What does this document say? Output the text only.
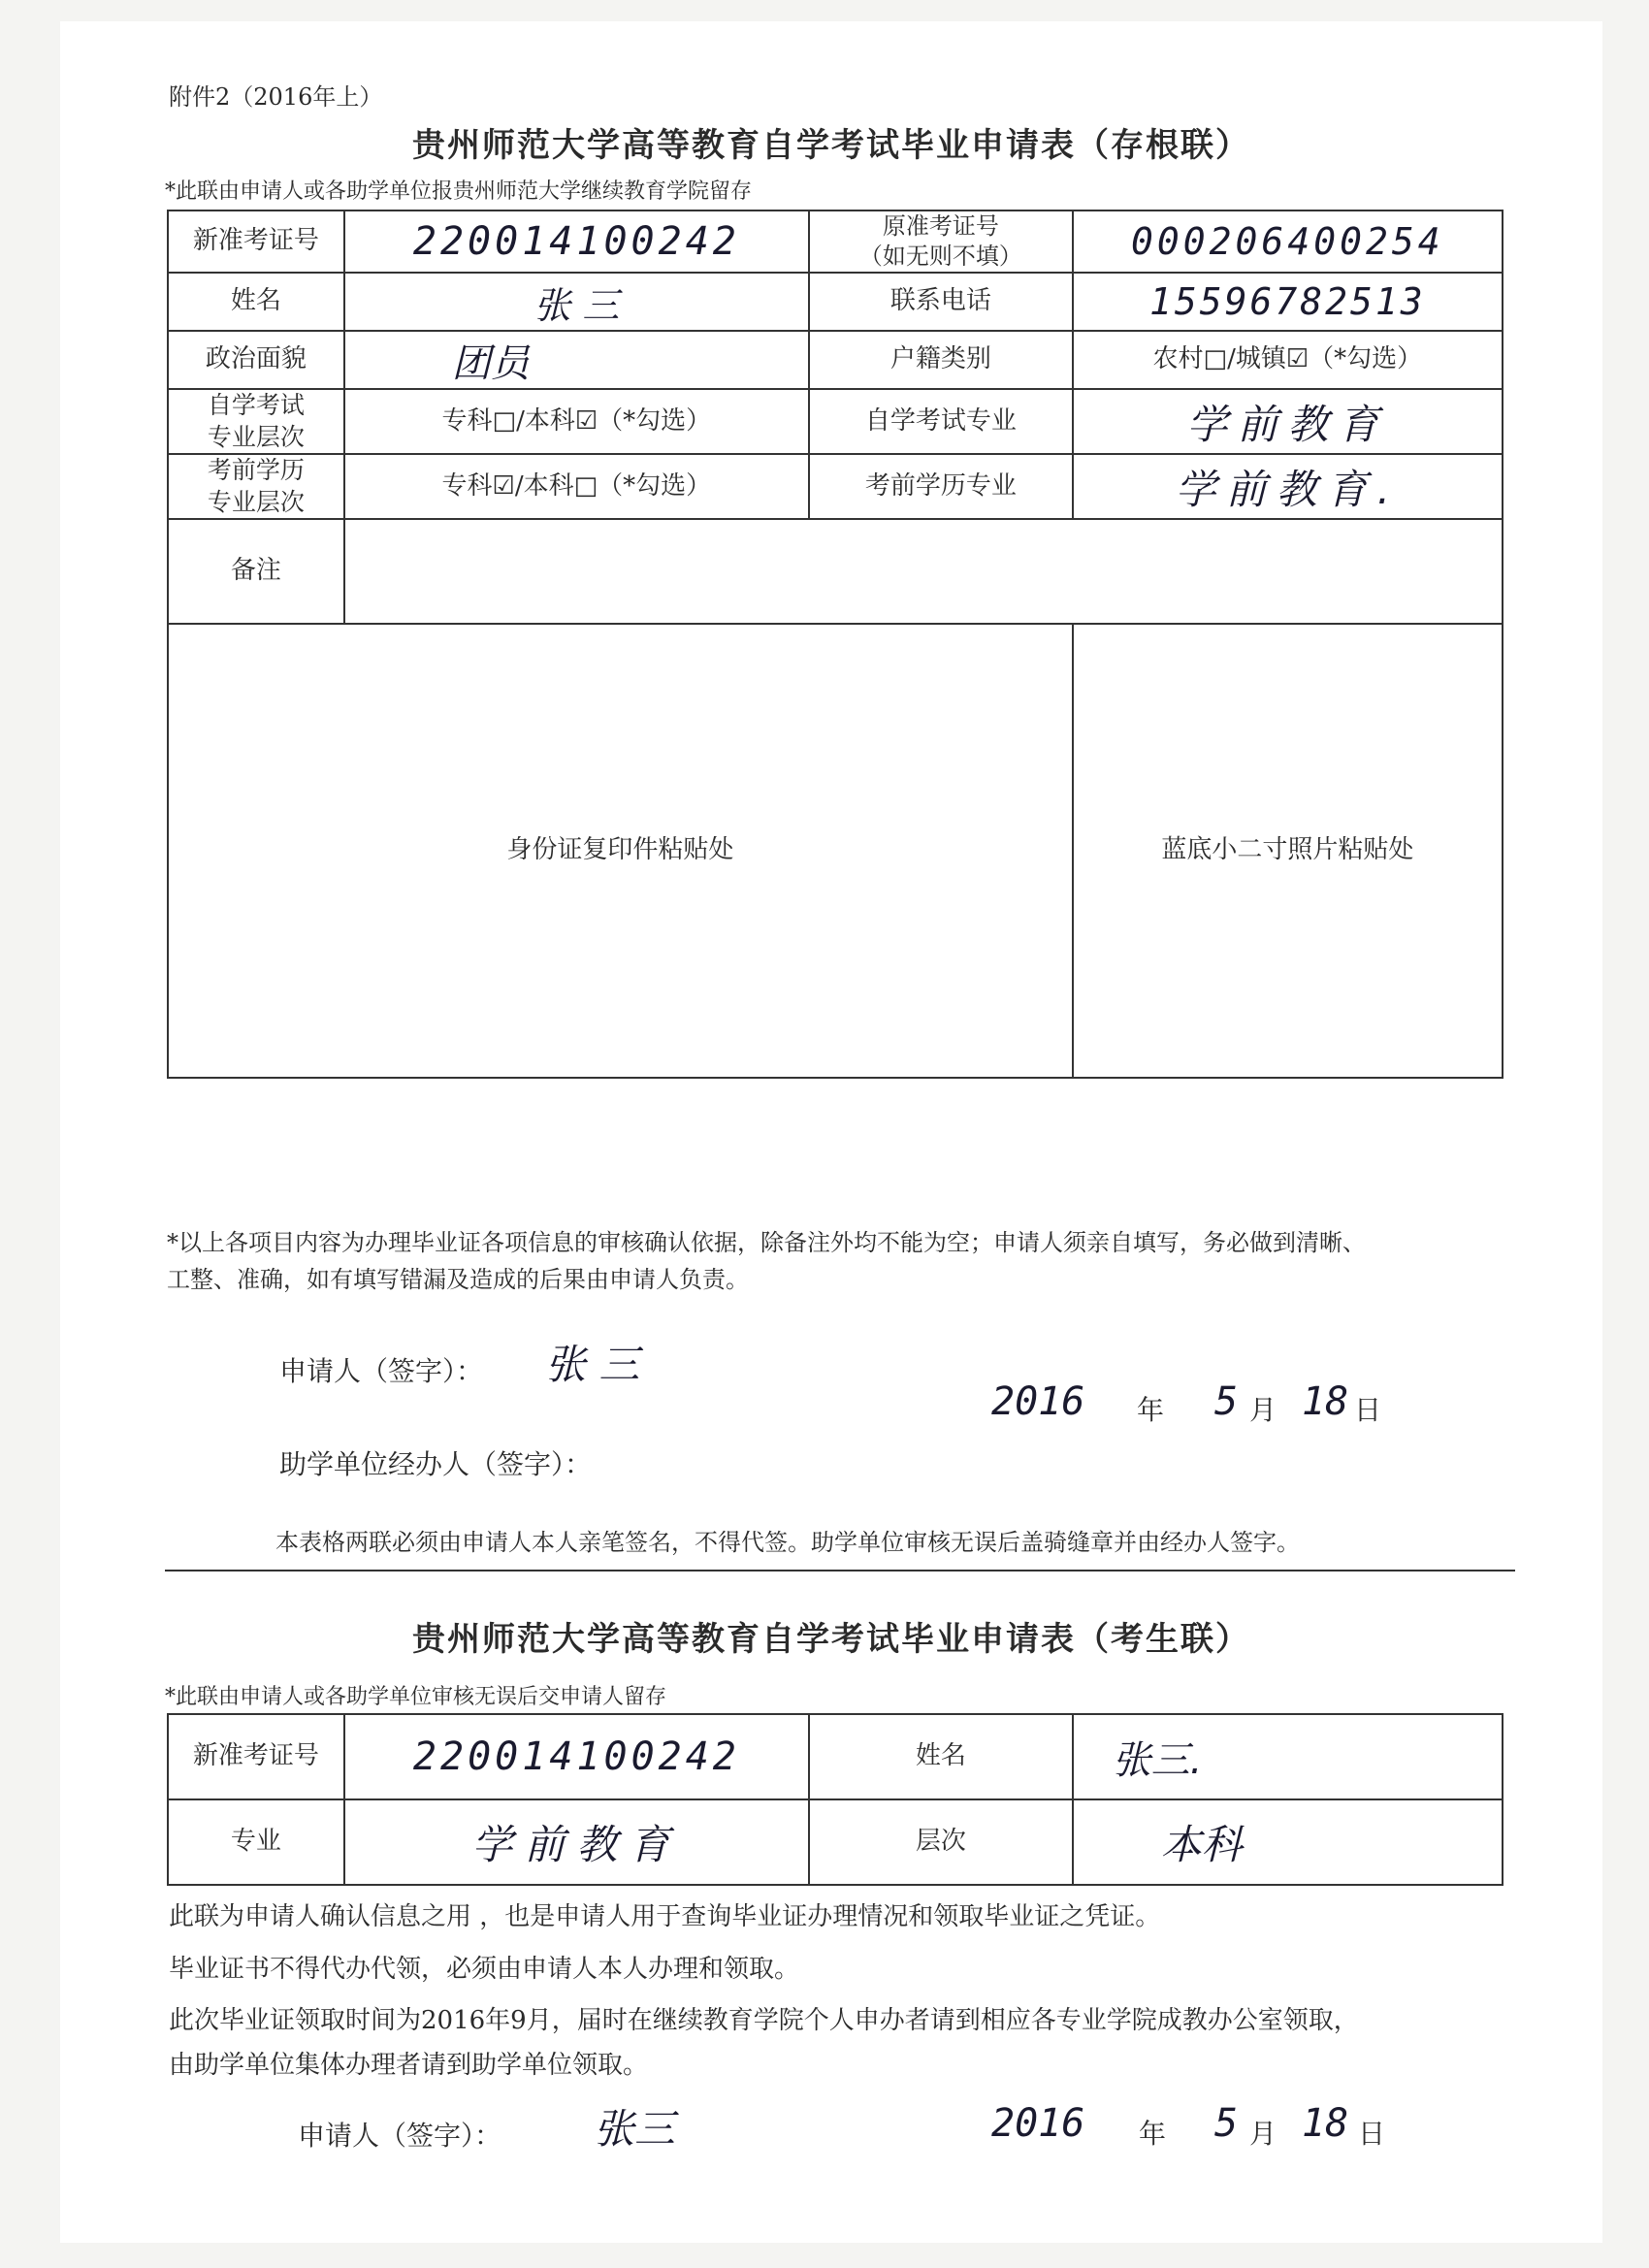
附件2（2016年上）
贵州师范大学高等教育自学考试毕业申请表（存根联）
*此联由申请人或各助学单位报贵州师范大学继续教育学院留存
新准考证号	220014100242	原准考证号
（如无则不填）	000206400254

姓名	张 三	联系电话	15596782513

政治面貌	团员	户籍类别	农村□/城镇☑（*勾选）

自学考试
专业层次	专科□/本科☑（*勾选）	自学考试专业	学前教育

考前学历
专业层次	专科☑/本科□（*勾选）	考前学历专业	学前教育.

备注			

身份证复印件粘贴处			蓝底小二寸照片粘贴处
*以上各项目内容为办理毕业证各项信息的审核确认依据，除备注外均不能为空；申请人须亲自填写，务必做到清晰、
工整、准确，如有填写错漏及造成的后果由申请人负责。
申请人（签字）： 张 三
2016 年 5 月 18 日
助学单位经办人（签字）：
本表格两联必须由申请人本人亲笔签名，不得代签。助学单位审核无误后盖骑缝章并由经办人签字。
贵州师范大学高等教育自学考试毕业申请表（考生联）
*此联由申请人或各助学单位审核无误后交申请人留存
新准考证号	220014100242	姓名	张三.

专业	学前教育	层次	本科
此联为申请人确认信息之用 ，也是申请人用于查询毕业证办理情况和领取毕业证之凭证。
毕业证书不得代办代领，必须由申请人本人办理和领取。
此次毕业证领取时间为2016年9月，届时在继续教育学院个人申办者请到相应各专业学院成教办公室领取，
由助学单位集体办理者请到助学单位领取。
申请人（签字）： 张三	2016 年 5 月 18 日
